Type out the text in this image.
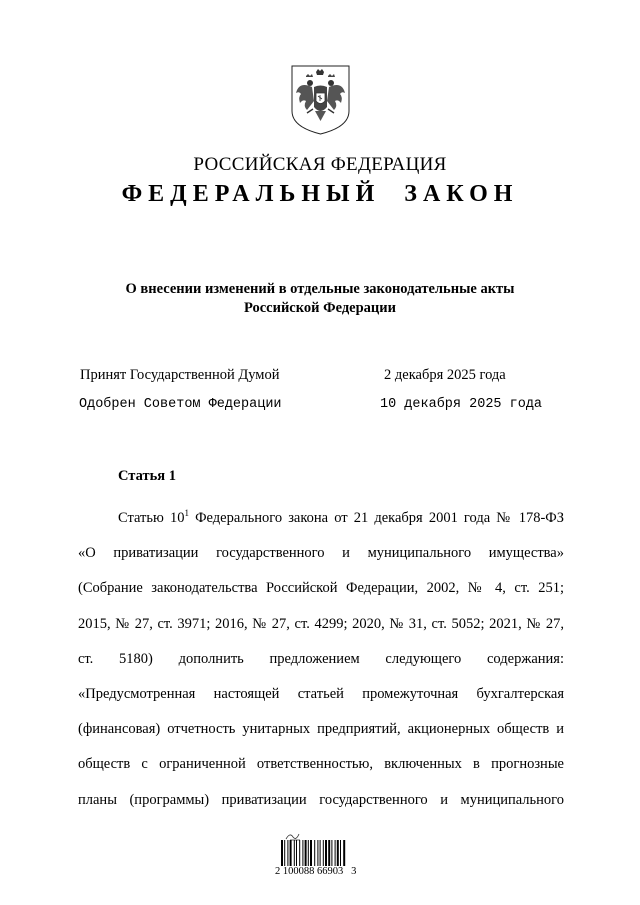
РОССИЙСКАЯ ФЕДЕРАЦИЯ
ФЕДЕРАЛЬНЫЙ  ЗАКОН
О внесении изменений в отдельные законодательные акты
Российской Федерации
Принят Государственной Думой	2 декабря 2025 года
Одобрен Советом Федерации	10 декабря 2025 года
Статья 1
Статью $10^1$ Федерального закона от 21 декабря 2001 года № 178-ФЗ
«О приватизации государственного и муниципального имущества»
(Собрание законодательства Российской Федерации, 2002, № 4, ст. 251;
2015, № 27, ст. 3971; 2016, № 27, ст. 4299; 2020, № 31, ст. 5052; 2021, № 27,
ст. 5180) дополнить предложением следующего содержания:
«Предусмотренная настоящей статьей промежуточная бухгалтерская
(финансовая) отчетность унитарных предприятий, акционерных обществ и
обществ с ограниченной ответственностью, включенных в прогнозные
планы (программы) приватизации государственного и муниципального
2 100088 66903   3
